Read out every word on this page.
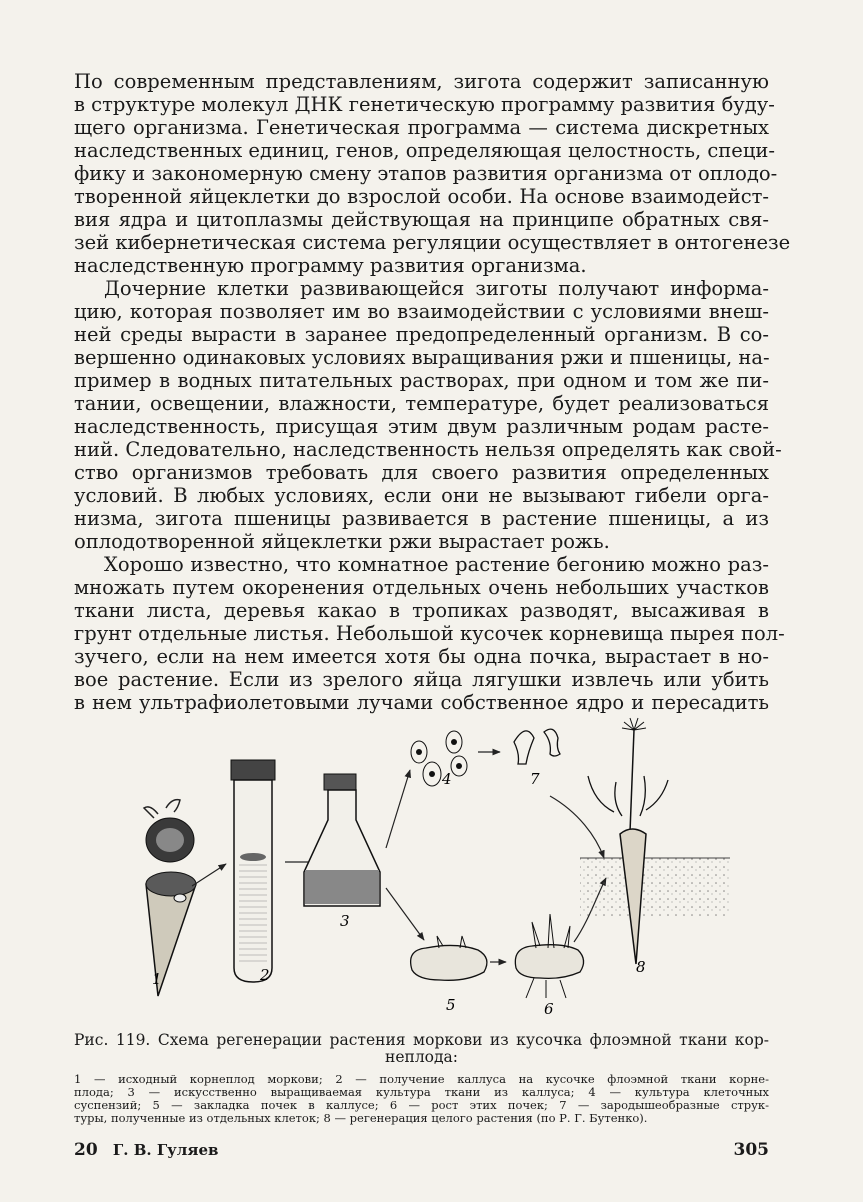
По современным представлениям, зигота содержит записанную
в структуре молекул ДНК генетическую программу развития буду-
щего организма. Генетическая программа — система дискретных
наследственных единиц, генов, определяющая целостность, специ-
фику и закономерную смену этапов развития организма от оплодо-
творенной яйцеклетки до взрослой особи. На основе взаимодейст-
вия ядра и цитоплазмы действующая на принципе обратных свя-
зей кибернетическая система регуляции осуществляет в онтогенезе
наследственную программу развития организма.
Дочерние клетки развивающейся зиготы получают информа-
цию, которая позволяет им во взаимодействии с условиями внеш-
ней среды вырасти в заранее предопределенный организм. В со-
вершенно одинаковых условиях выращивания ржи и пшеницы, на-
пример в водных питательных растворах, при одном и том же пи-
тании, освещении, влажности, температуре, будет реализоваться
наследственность, присущая этим двум различным родам расте-
ний. Следовательно, наследственность нельзя определять как свой-
ство организмов требовать для своего развития определенных
условий. В любых условиях, если они не вызывают гибели орга-
низма, зигота пшеницы развивается в растение пшеницы, а из
оплодотворенной яйцеклетки ржи вырастает рожь.
Хорошо известно, что комнатное растение бегонию можно раз-
множать путем окоренения отдельных очень небольших участков
ткани листа, деревья какао в тропиках разводят, высаживая в
грунт отдельные листья. Небольшой кусочек корневища пырея пол-
зучего, если на нем имеется хотя бы одна почка, вырастает в но-
вое растение. Если из зрелого яйца лягушки извлечь или убить
в нем ультрафиолетовыми лучами собственное ядро и пересадить
1	2
3
4
5	6
7
8
Рис. 119. Схема регенерации растения моркови из кусочка флоэмной ткани кор-
неплода:
1 — исходный корнеплод моркови; 2 — получение каллуса на кусочке флоэмной ткани корне-
плода; 3 — искусственно выращиваемая культура ткани из каллуса; 4 — культура клеточных
суспензий; 5 — закладка почек в каллусе; 6 — рост этих почек; 7 — зародышеобразные струк-
туры, полученные из отдельных клеток; 8 — регенерация целого растения (по Р. Г. Бутенко).
20 Г. В. Гуляев	305
